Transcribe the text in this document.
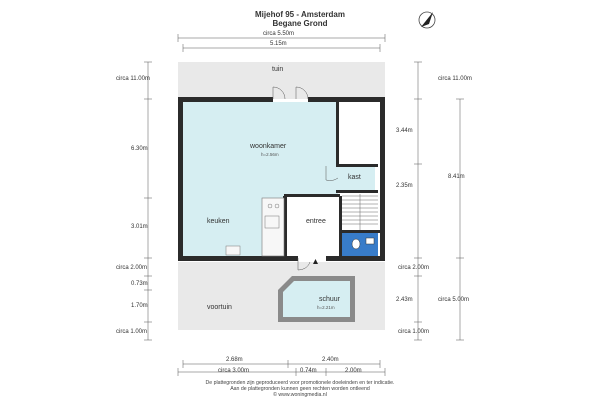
Mijehof 95 - Amsterdam
Begane Grond
circa 5.50m
5.15m
circa 11.00m
6.30m
3.01m
circa 2.00m
0.73m
1.70m
circa 1.00m
circa 11.00m
3.44m
8.41m
2.35m
circa 2.00m
2.43m	circa 5.00m
circa 1.00m
2.68m	2.40m
circa 3.00m	0.74m	2.00m
tuin
woonkamer
h=2.56m
kast
keuken	entree
voortuin
schuur
h=2.21m
De plattegronden zijn geproduceerd voor promotionele doeleinden en ter indicatie.
Aan de plattegronden kunnen geen rechten worden ontleend
© www.woningmedia.nl
